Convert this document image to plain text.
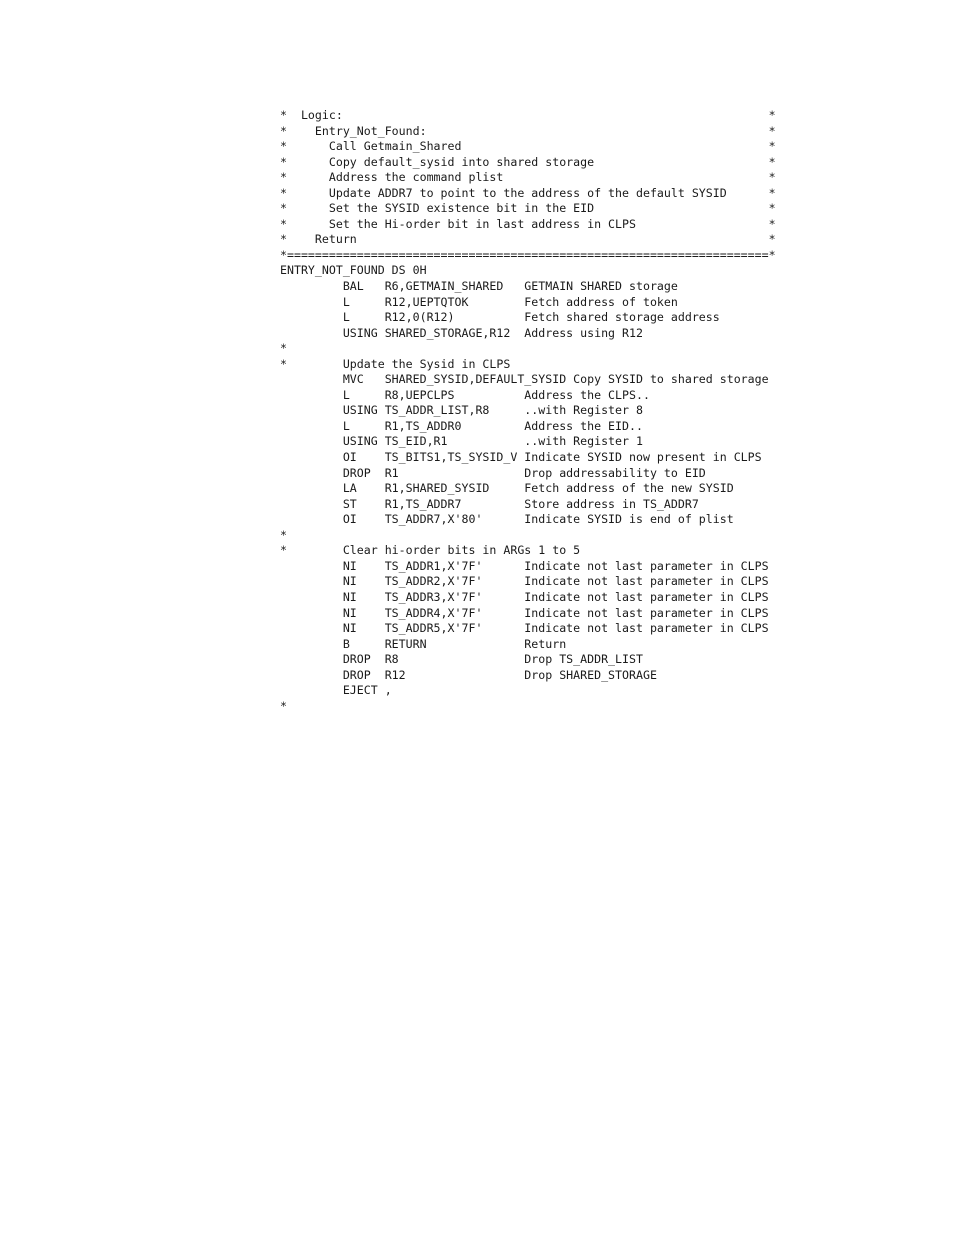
*  Logic:                                                             *
*    Entry_Not_Found:                                                 *
*      Call Getmain_Shared                                            *
*      Copy default_sysid into shared storage                         *
*      Address the command plist                                      *
*      Update ADDR7 to point to the address of the default SYSID      *
*      Set the SYSID existence bit in the EID                         *
*      Set the Hi-order bit in last address in CLPS                   *
*    Return                                                           *
*=====================================================================*
ENTRY_NOT_FOUND DS 0H
BAL   R6,GETMAIN_SHARED   GETMAIN SHARED storage
L     R12,UEPTQTOK        Fetch address of token
L     R12,0(R12)          Fetch shared storage address
USING SHARED_STORAGE,R12  Address using R12
*
*        Update the Sysid in CLPS
MVC   SHARED_SYSID,DEFAULT_SYSID Copy SYSID to shared storage
L     R8,UEPCLPS          Address the CLPS..
USING TS_ADDR_LIST,R8     ..with Register 8
L     R1,TS_ADDR0         Address the EID..
USING TS_EID,R1           ..with Register 1
OI    TS_BITS1,TS_SYSID_V Indicate SYSID now present in CLPS
DROP  R1                  Drop addressability to EID
LA    R1,SHARED_SYSID     Fetch address of the new SYSID
ST    R1,TS_ADDR7         Store address in TS_ADDR7
OI    TS_ADDR7,X'80'      Indicate SYSID is end of plist
*
*        Clear hi-order bits in ARGs 1 to 5
NI    TS_ADDR1,X'7F'      Indicate not last parameter in CLPS
NI    TS_ADDR2,X'7F'      Indicate not last parameter in CLPS
NI    TS_ADDR3,X'7F'      Indicate not last parameter in CLPS
NI    TS_ADDR4,X'7F'      Indicate not last parameter in CLPS
NI    TS_ADDR5,X'7F'      Indicate not last parameter in CLPS
B     RETURN              Return
DROP  R8                  Drop TS_ADDR_LIST
DROP  R12                 Drop SHARED_STORAGE
EJECT ,
*
